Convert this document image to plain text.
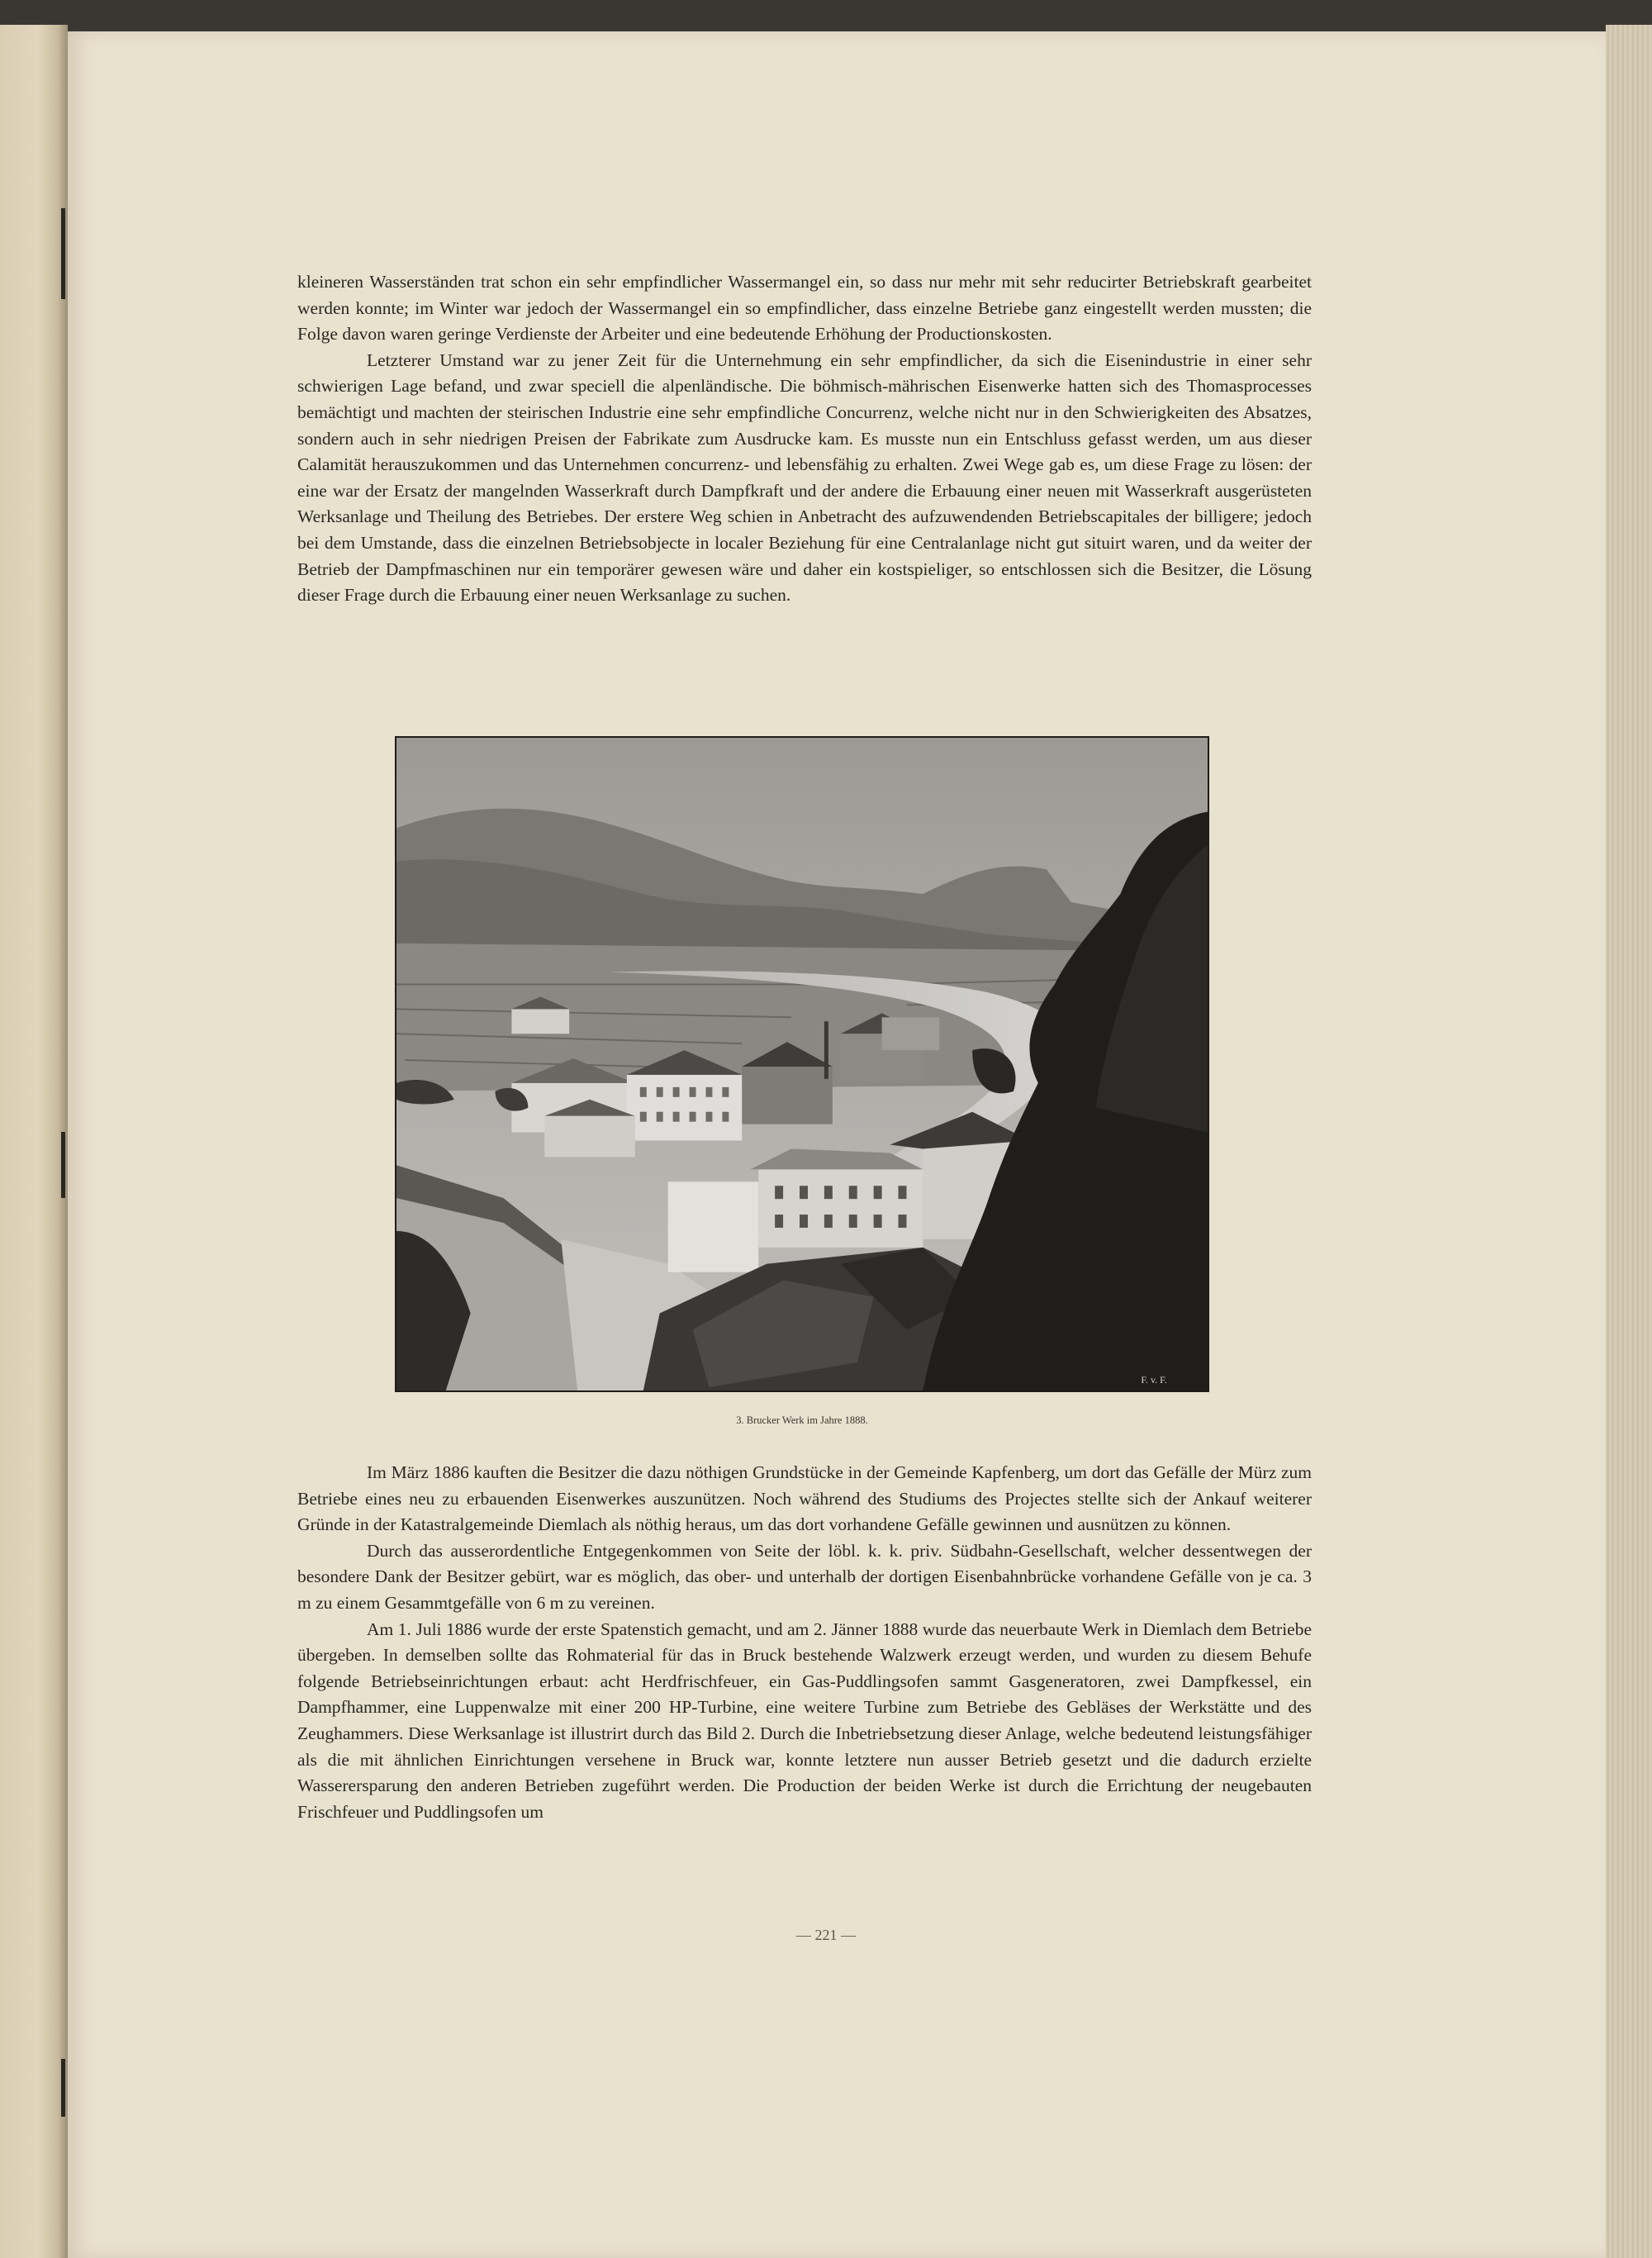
kleineren Wasserständen trat schon ein sehr empfindlicher Wassermangel ein, so dass nur mehr mit sehr reducirter Betriebskraft gearbeitet werden konnte; im Winter war jedoch der Wassermangel ein so empfindlicher, dass einzelne Betriebe ganz eingestellt werden mussten; die Folge davon waren geringe Verdienste der Arbeiter und eine bedeutende Erhöhung der Productionskosten.

Letzterer Umstand war zu jener Zeit für die Unternehmung ein sehr empfindlicher, da sich die Eisenindustrie in einer sehr schwierigen Lage befand, und zwar speciell die alpenländische. Die böhmisch-mährischen Eisenwerke hatten sich des Thomasprocesses bemächtigt und machten der steirischen Industrie eine sehr empfindliche Concurrenz, welche nicht nur in den Schwierigkeiten des Absatzes, sondern auch in sehr niedrigen Preisen der Fabrikate zum Ausdrucke kam. Es musste nun ein Entschluss gefasst werden, um aus dieser Calamität herauszukommen und das Unternehmen concurrenz- und lebensfähig zu erhalten. Zwei Wege gab es, um diese Frage zu lösen: der eine war der Ersatz der mangelnden Wasserkraft durch Dampfkraft und der andere die Erbauung einer neuen mit Wasserkraft ausgerüsteten Werksanlage und Theilung des Betriebes. Der erstere Weg schien in Anbetracht des aufzuwendenden Betriebscapitales der billigere; jedoch bei dem Umstande, dass die einzelnen Betriebsobjecte in localer Beziehung für eine Centralanlage nicht gut situirt waren, und da weiter der Betrieb der Dampfmaschinen nur ein temporärer gewesen wäre und daher ein kostspieliger, so entschlossen sich die Besitzer, die Lösung dieser Frage durch die Erbauung einer neuen Werksanlage zu suchen.

F. v. F.
3. Brucker Werk im Jahre 1888.

Im März 1886 kauften die Besitzer die dazu nöthigen Grundstücke in der Gemeinde Kapfenberg, um dort das Gefälle der Mürz zum Betriebe eines neu zu erbauenden Eisenwerkes auszunützen. Noch während des Studiums des Projectes stellte sich der Ankauf weiterer Gründe in der Katastralgemeinde Diemlach als nöthig heraus, um das dort vorhandene Gefälle gewinnen und ausnützen zu können.

Durch das ausserordentliche Entgegenkommen von Seite der löbl. k. k. priv. Südbahn-Gesellschaft, welcher dessentwegen der besondere Dank der Besitzer gebürt, war es möglich, das ober- und unterhalb der dortigen Eisenbahnbrücke vorhandene Gefälle von je ca. 3 m zu einem Gesammtgefälle von 6 m zu vereinen.

Am 1. Juli 1886 wurde der erste Spatenstich gemacht, und am 2. Jänner 1888 wurde das neuerbaute Werk in Diemlach dem Betriebe übergeben. In demselben sollte das Rohmaterial für das in Bruck bestehende Walzwerk erzeugt werden, und wurden zu diesem Behufe folgende Betriebseinrichtungen erbaut: acht Herdfrischfeuer, ein Gas-Puddlingsofen sammt Gasgeneratoren, zwei Dampfkessel, ein Dampfhammer, eine Luppenwalze mit einer 200 HP-Turbine, eine weitere Turbine zum Betriebe des Gebläses der Werkstätte und des Zeughammers. Diese Werksanlage ist illustrirt durch das Bild 2. Durch die Inbetriebsetzung dieser Anlage, welche bedeutend leistungsfähiger als die mit ähnlichen Einrichtungen versehene in Bruck war, konnte letztere nun ausser Betrieb gesetzt und die dadurch erzielte Wasserersparung den anderen Betrieben zugeführt werden. Die Production der beiden Werke ist durch die Errichtung der neugebauten Frischfeuer und Puddlingsofen um

— 221 —
